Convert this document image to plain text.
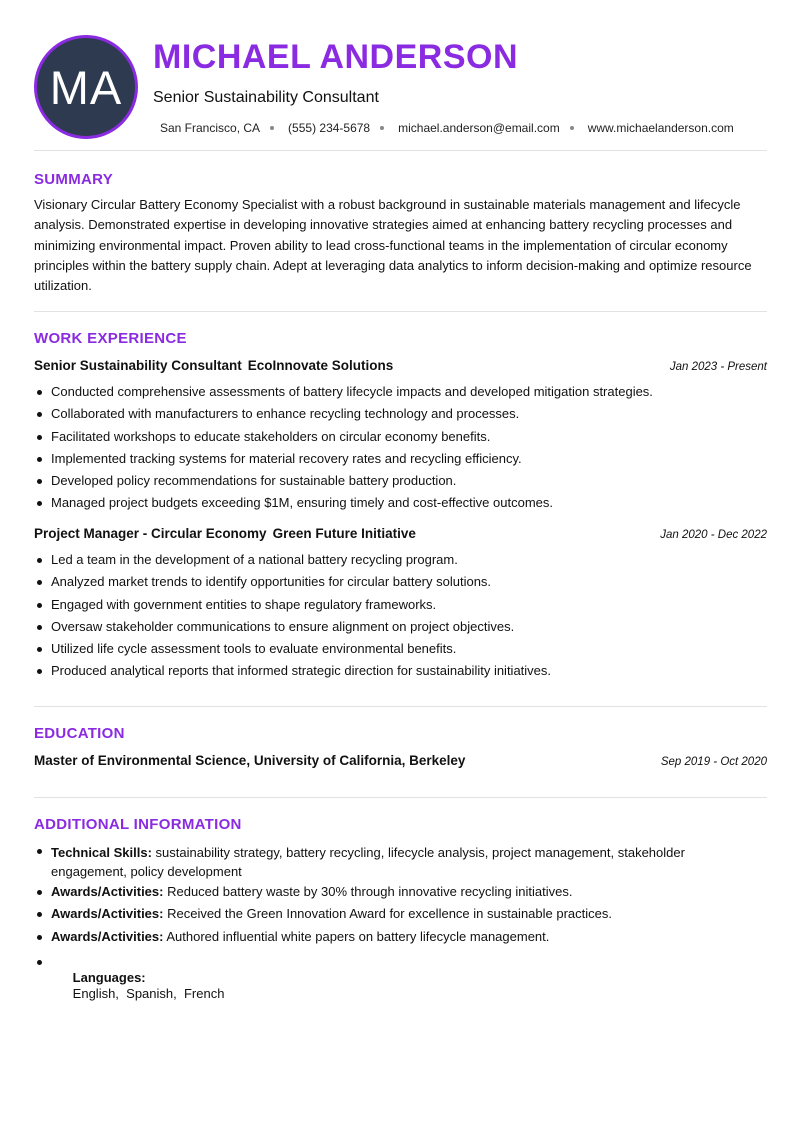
MA
MICHAEL ANDERSON
Senior Sustainability Consultant
San Francisco, CA (555) 234-5678 michael.anderson@email.com www.michaelanderson.com
SUMMARY
Visionary Circular Battery Economy Specialist with a robust background in sustainable materials management and lifecycle analysis. Demonstrated expertise in developing innovative strategies aimed at enhancing battery recycling processes and minimizing environmental impact. Proven ability to lead cross-functional teams in the implementation of circular economy principles within the battery supply chain. Adept at leveraging data analytics to inform decision-making and optimize resource utilization.
WORK EXPERIENCE
Senior Sustainability Consultant EcoInnovate Solutions	Jan 2023 - Present
Conducted comprehensive assessments of battery lifecycle impacts and developed mitigation strategies.
Collaborated with manufacturers to enhance recycling technology and processes.
Facilitated workshops to educate stakeholders on circular economy benefits.
Implemented tracking systems for material recovery rates and recycling efficiency.
Developed policy recommendations for sustainable battery production.
Managed project budgets exceeding $1M, ensuring timely and cost-effective outcomes.
Project Manager - Circular Economy Green Future Initiative	Jan 2020 - Dec 2022
Led a team in the development of a national battery recycling program.
Analyzed market trends to identify opportunities for circular battery solutions.
Engaged with government entities to shape regulatory frameworks.
Oversaw stakeholder communications to ensure alignment on project objectives.
Utilized life cycle assessment tools to evaluate environmental benefits.
Produced analytical reports that informed strategic direction for sustainability initiatives.
EDUCATION
Master of Environmental Science, University of California, Berkeley	Sep 2019 - Oct 2020
ADDITIONAL INFORMATION
Technical Skills: sustainability strategy, battery recycling, lifecycle analysis, project management, stakeholder engagement, policy development
Awards/Activities: Reduced battery waste by 30% through innovative recycling initiatives.
Awards/Activities: Received the Green Innovation Award for excellence in sustainable practices.
Awards/Activities: Authored influential white papers on battery lifecycle management.

Languages:
English,  Spanish,  French
